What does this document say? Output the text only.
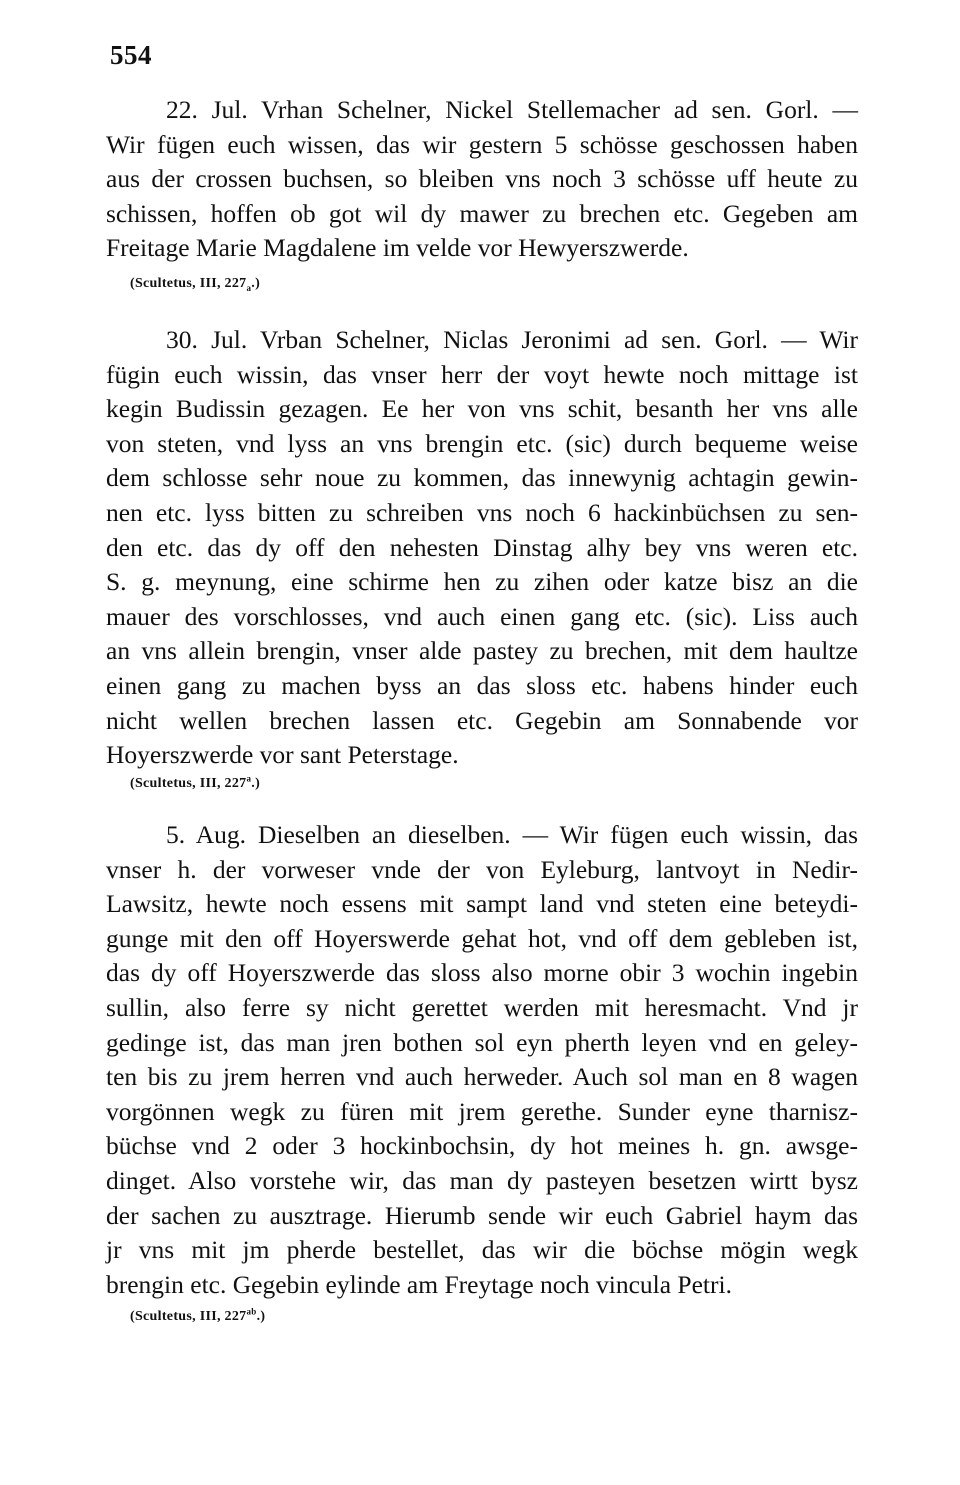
554
22. Jul. Vrhan Schelner, Nickel Stellemacher ad sen. Gorl. —
Wir fügen euch wissen, das wir gestern 5 schösse geschossen haben
aus der crossen buchsen, so bleiben vns noch 3 schösse uff heute zu
schissen, hoffen ob got wil dy mawer zu brechen etc. Gegeben am
Freitage Marie Magdalene im velde vor Hewyerszwerde.
(Scultetus, III, $227_a$.)
30. Jul. Vrban Schelner, Niclas Jeronimi ad sen. Gorl. — Wir
fügin euch wissin, das vnser herr der voyt hewte noch mittage ist
kegin Budissin gezagen. Ee her von vns schit, besanth her vns alle
von steten, vnd lyss an vns brengin etc. (sic) durch bequeme weise
dem schlosse sehr noue zu kommen, das innewynig achtagin gewin-
nen etc. lyss bitten zu schreiben vns noch 6 hackinbüchsen zu sen-
den etc. das dy off den nehesten Dinstag alhy bey vns weren etc.
S. g. meynung, eine schirme hen zu zihen oder katze bisz an die
mauer des vorschlosses, vnd auch einen gang etc. (sic). Liss auch
an vns allein brengin, vnser alde pastey zu brechen, mit dem haultze
einen gang zu machen byss an das sloss etc. habens hinder euch
nicht wellen brechen lassen etc. Gegebin am Sonnabende vor
Hoyerszwerde vor sant Peterstage.
(Scultetus, III, 227$^a$.)
5. Aug. Dieselben an dieselben. — Wir fügen euch wissin, das
vnser h. der vorweser vnde der von Eyleburg, lantvoyt in Nedir-
Lawsitz, hewte noch essens mit sampt land vnd steten eine beteydi-
gunge mit den off Hoyerswerde gehat hot, vnd off dem gebleben ist,
das dy off Hoyerszwerde das sloss also morne obir 3 wochin ingebin
sullin, also ferre sy nicht gerettet werden mit heresmacht. Vnd jr
gedinge ist, das man jren bothen sol eyn pherth leyen vnd en geley-
ten bis zu jrem herren vnd auch herweder. Auch sol man en 8 wagen
vorgönnen wegk zu füren mit jrem gerethe. Sunder eyne tharnisz-
büchse vnd 2 oder 3 hockinbochsin, dy hot meines h. gn. awsge-
dinget. Also vorstehe wir, das man dy pasteyen besetzen wirtt bysz
der sachen zu ausztrage. Hierumb sende wir euch Gabriel haym das
jr vns mit jm pherde bestellet, das wir die böchse mögin wegk
brengin etc. Gegebin eylinde am Freytage noch vincula Petri.
(Scultetus, III, $227^{ab}$.)
